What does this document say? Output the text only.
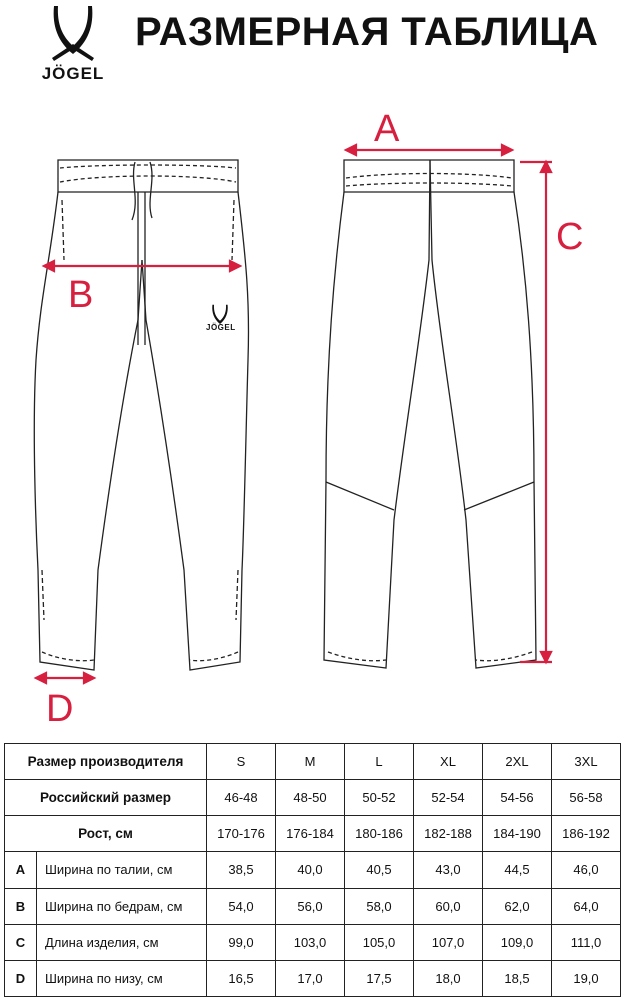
JÖGEL
РАЗМЕРНАЯ ТАБЛИЦА
JÖGEL
A
B
C
D
Размер производителя		S	M	L	XL	2XL	3XL
Российский размер		46-48	48-50	50-52	52-54	54-56	56-58
Рост, см		170-176	176-184	180-186	182-188	184-190	186-192
A	Ширина по талии, см	38,5	40,0	40,5	43,0	44,5	46,0
B	Ширина по бедрам, см	54,0	56,0	58,0	60,0	62,0	64,0
C	Длина изделия, см	99,0	103,0	105,0	107,0	109,0	111,0
D	Ширина по низу, см	16,5	17,0	17,5	18,0	18,5	19,0
